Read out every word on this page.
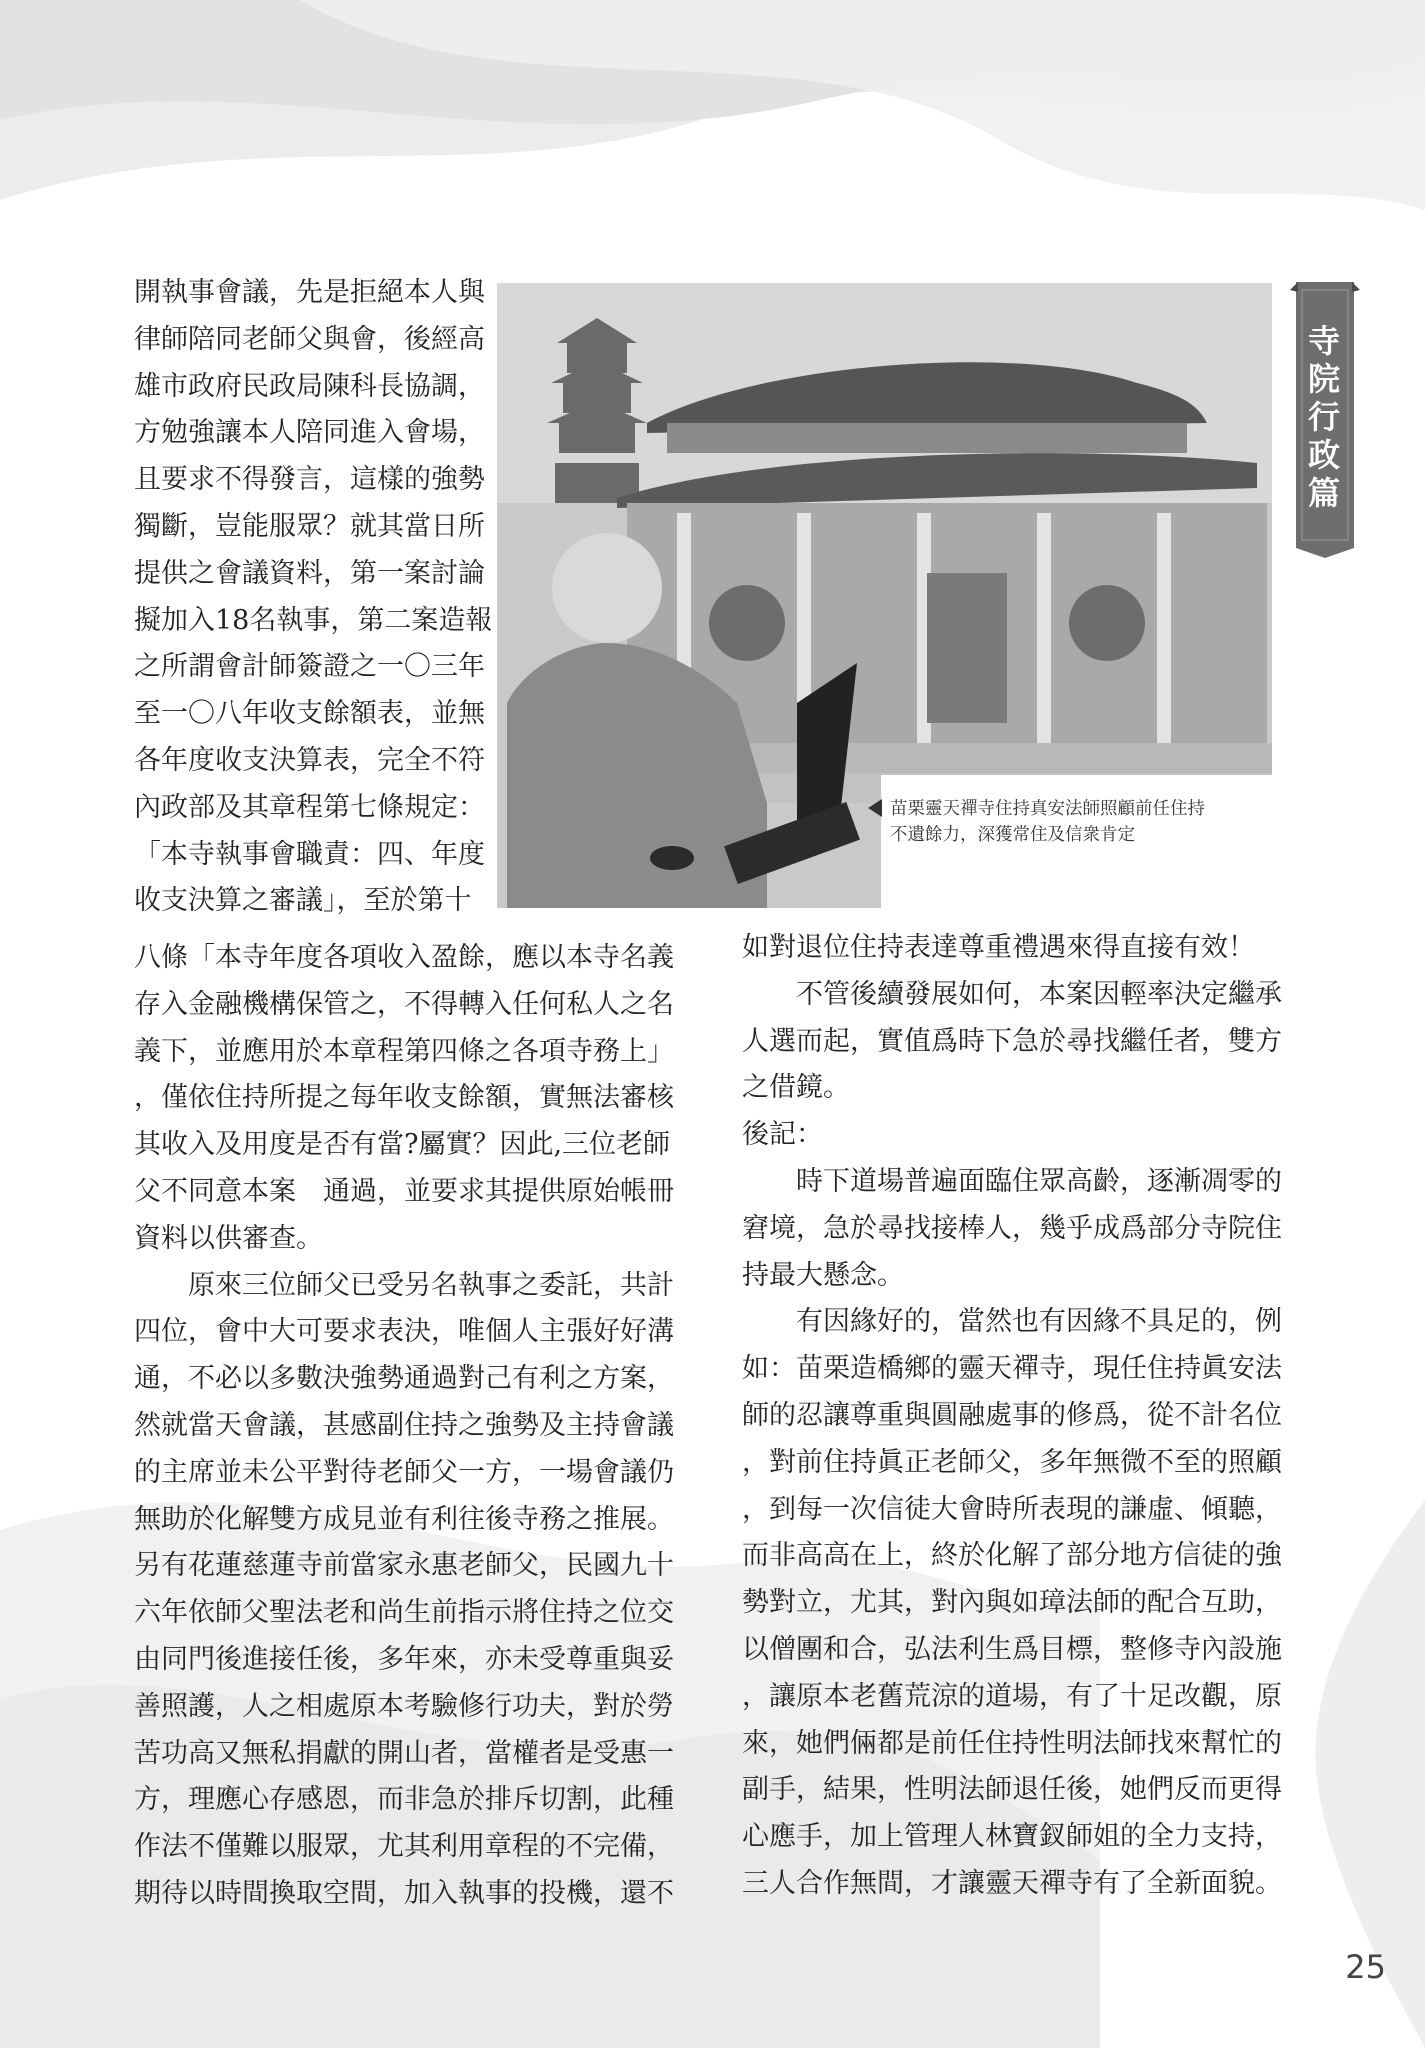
寺
院
行
政
篇
苗栗靈天禪寺住持真安法師照顧前任住持
不遺餘力，深獲常住及信衆肯定
開執事會議，先是拒絕本人與
律師陪同老師父與會，後經高
雄市政府民政局陳科長協調，
方勉強讓本人陪同進入會場，
且要求不得發言，這樣的強勢
獨斷，豈能服眾？就其當日所
提供之會議資料，第一案討論
擬加入18名執事，第二案造報
之所謂會計師簽證之一〇三年
至一〇八年收支餘額表，並無
各年度收支決算表，完全不符
內政部及其章程第七條規定：
「本寺執事會職責：四、年度
收支決算之審議」，至於第十
八條「本寺年度各項收入盈餘，應以本寺名義
存入金融機構保管之，不得轉入任何私人之名
義下，並應用於本章程第四條之各項寺務上」
，僅依住持所提之每年收支餘額，實無法審核
其收入及用度是否有當?屬實？因此,三位老師
父不同意本案　通過，並要求其提供原始帳冊
資料以供審查。
原來三位師父已受另名執事之委託，共計
四位，會中大可要求表決，唯個人主張好好溝
通，不必以多數決強勢通過對己有利之方案，
然就當天會議，甚感副住持之強勢及主持會議
的主席並未公平對待老師父一方，一場會議仍
無助於化解雙方成見並有利往後寺務之推展。
另有花蓮慈蓮寺前當家永惠老師父，民國九十
六年依師父聖法老和尚生前指示將住持之位交
由同門後進接任後，多年來，亦未受尊重與妥
善照護，人之相處原本考驗修行功夫，對於勞
苦功高又無私捐獻的開山者，當權者是受惠一
方，理應心存感恩，而非急於排斥切割，此種
作法不僅難以服眾，尤其利用章程的不完備，
期待以時間換取空間，加入執事的投機，還不
如對退位住持表達尊重禮遇來得直接有效！
不管後續發展如何，本案因輕率決定繼承
人選而起，實值爲時下急於尋找繼任者，雙方
之借鏡。
後記：
時下道場普遍面臨住眾高齡，逐漸凋零的
窘境，急於尋找接棒人，幾乎成爲部分寺院住
持最大懸念。
有因緣好的，當然也有因緣不具足的，例
如：苗栗造橋鄉的靈天禪寺，現任住持眞安法
師的忍讓尊重與圓融處事的修爲，從不計名位
，對前住持眞正老師父，多年無微不至的照顧
，到每一次信徒大會時所表現的謙虛、傾聽，
而非高高在上，終於化解了部分地方信徒的強
勢對立，尤其，對內與如璋法師的配合互助，
以僧團和合，弘法利生爲目標，整修寺內設施
，讓原本老舊荒涼的道場，有了十足改觀，原
來，她們倆都是前任住持性明法師找來幫忙的
副手，結果，性明法師退任後，她們反而更得
心應手，加上管理人林寶釵師姐的全力支持，
三人合作無間，才讓靈天禪寺有了全新面貌。
25
